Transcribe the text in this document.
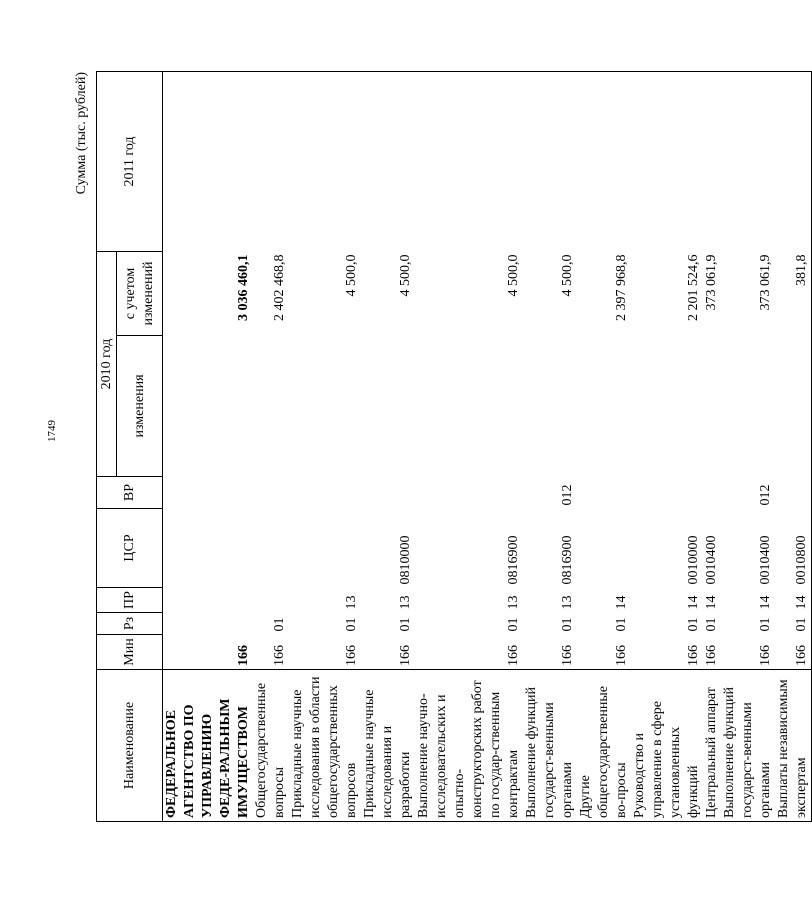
1749
Сумма (тыс. рублей)
Наименование	Мин	Рз	ПР	ЦСР	ВР	2010 год		2011 год
						изменения	с учетом изменений	
ФЕДЕРАЛЬНОЕ АГЕНТСТВО ПО УПРАВЛЕНИЮ ФЕДЕ-РАЛЬНЫМ ИМУЩЕСТВОМ	166						3 036 460,1	
Общегосударственные вопросы	166	01					2 402 468,8	
Прикладные научные исследования в области общегосударственных вопросов	166	01	13				4 500,0	
Прикладные научные исследования и разработки	166	01	13	0810000			4 500,0	
Выполнение научно-исследовательских и опытно-конструкторских работ по государ-ственным контрактам	166	01	13	0816900			4 500,0	
Выполнение функций государст-венными органами	166	01	13	0816900	012		4 500,0	
Другие общегосударственные во-просы	166	01	14				2 397 968,8	
Руководство и управление в сфере установленных функций	166	01	14	0010000			2 201 524,6	
Центральный аппарат	166	01	14	0010400			373 061,9	
Выполнение функций государст-венными органами	166	01	14	0010400	012		373 061,9	
Выплаты независимым экспертам	166	01	14	0010800			381,8	
